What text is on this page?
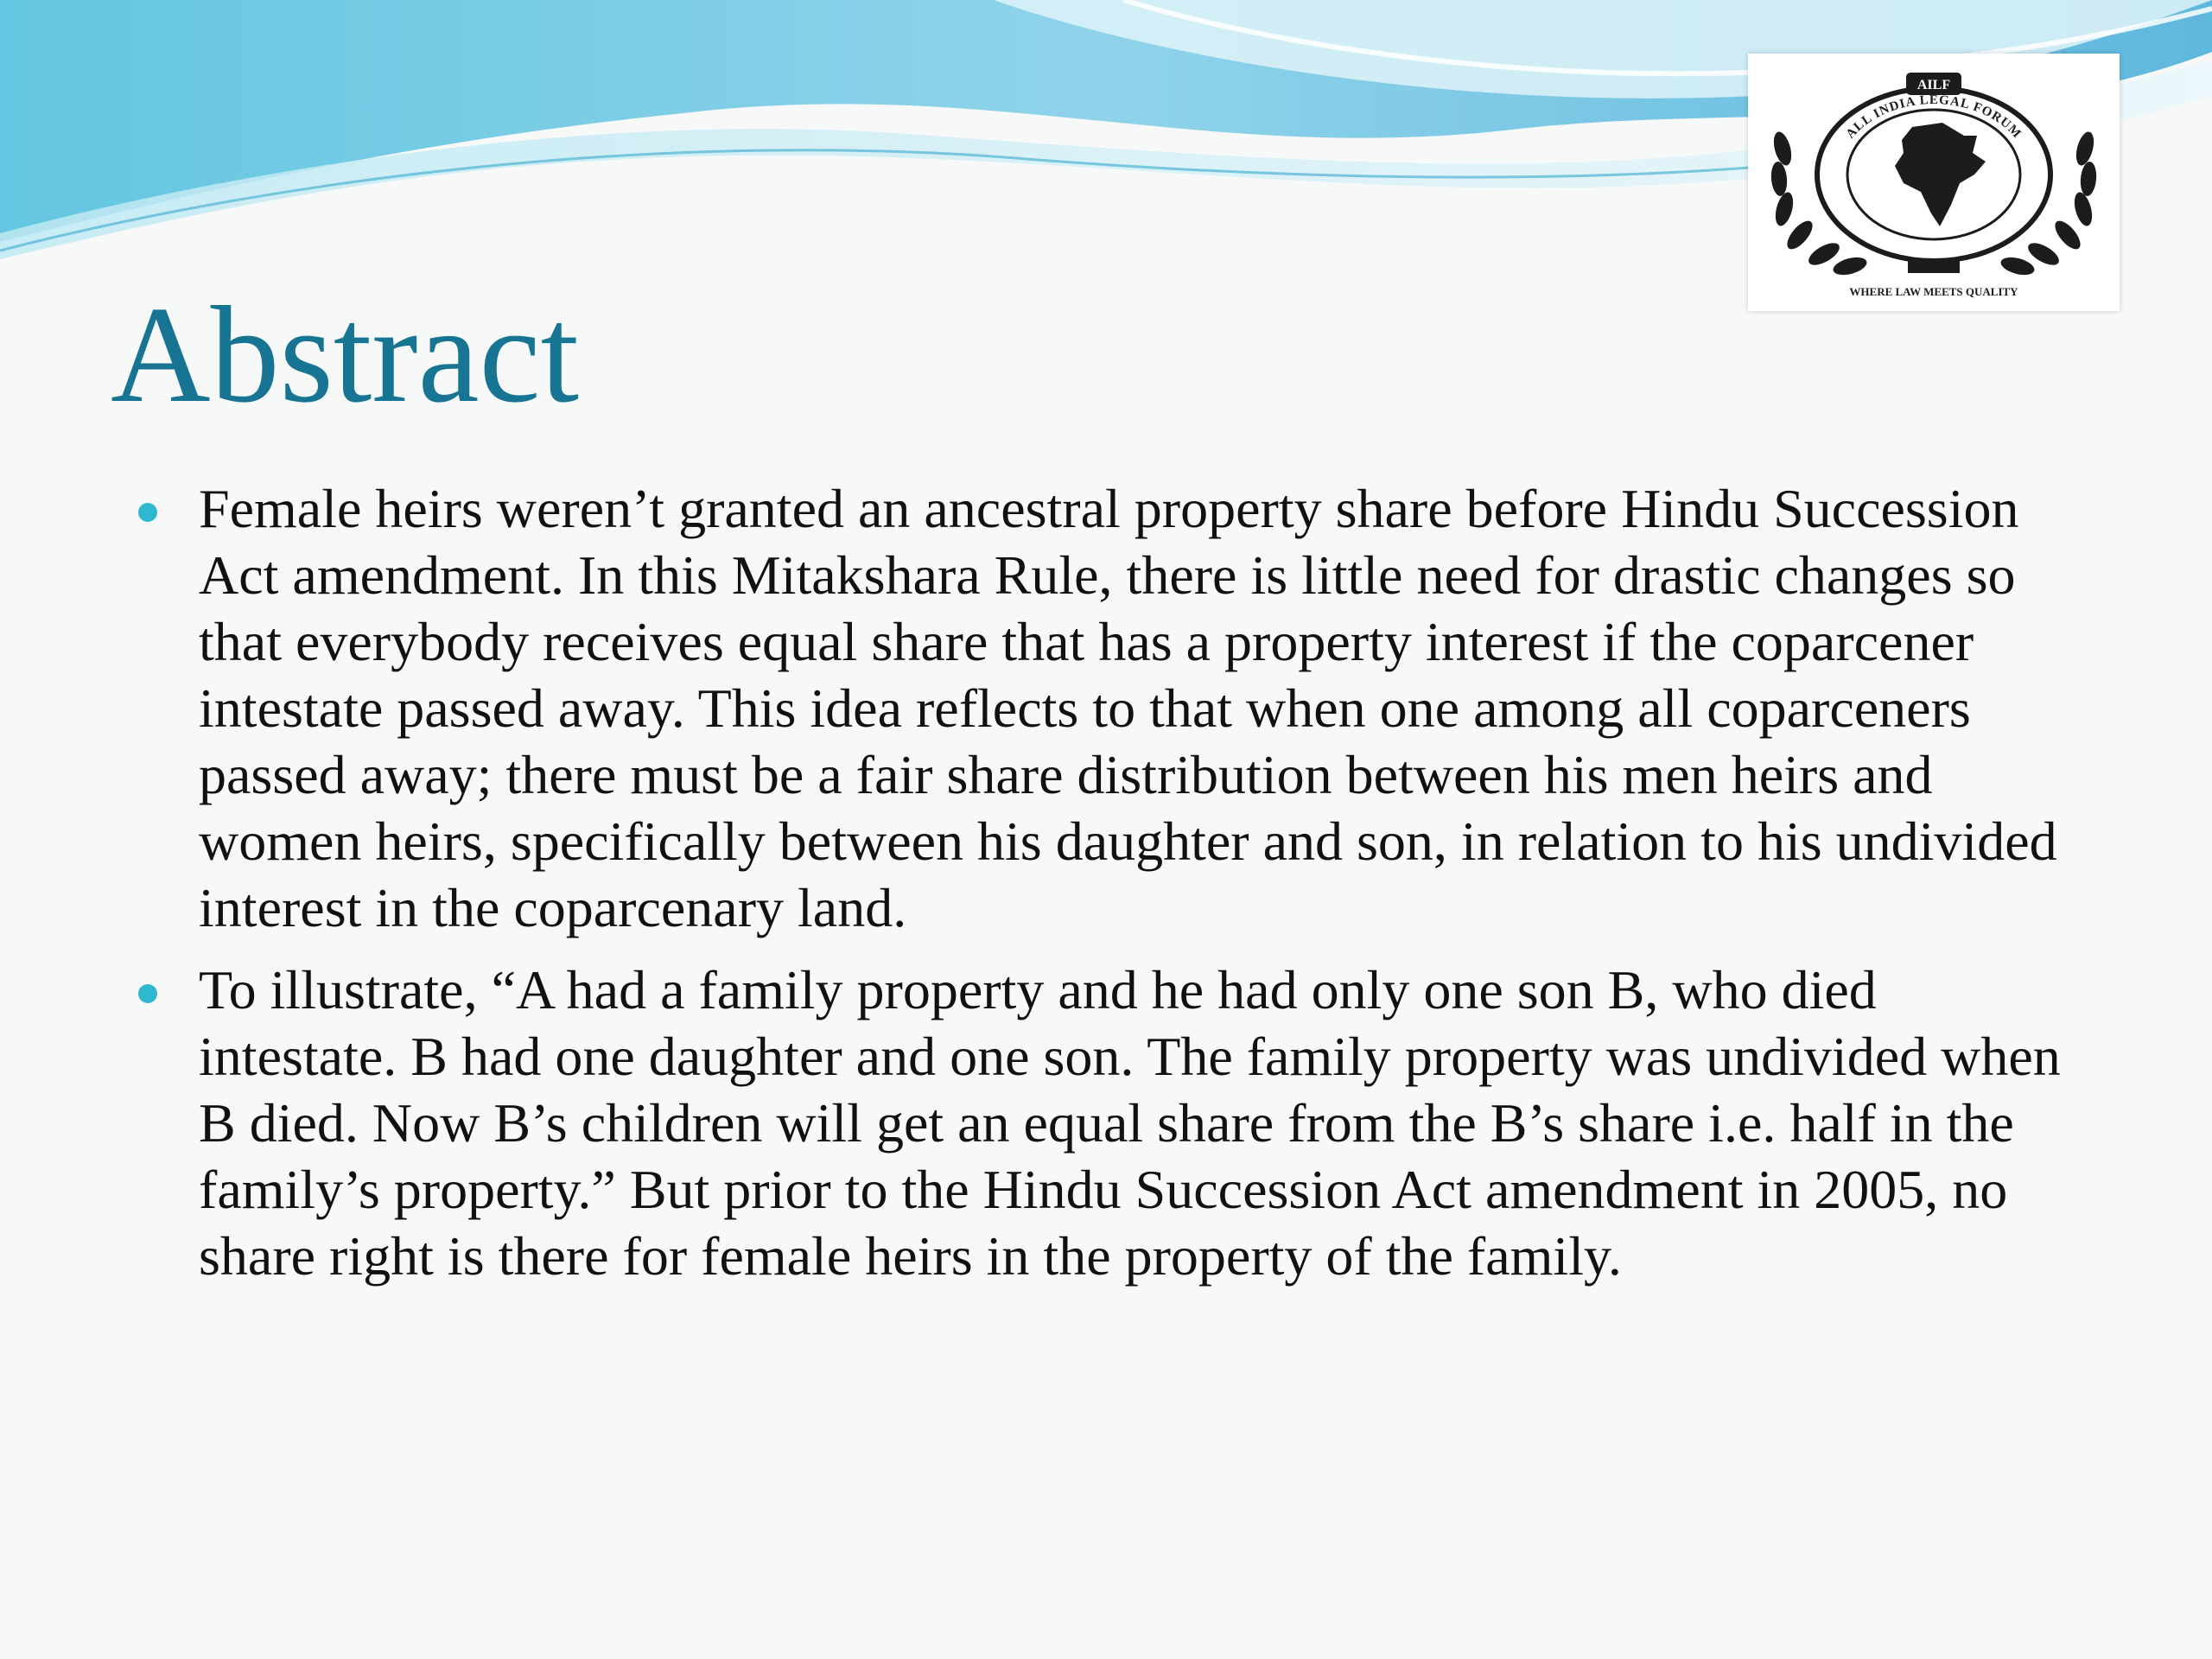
AILF
ALL INDIA LEGAL FORUM
WHERE LAW MEETS QUALITY
Abstract
Female heirs weren’t granted an ancestral property share before Hindu Succession Act amendment. In this Mitakshara Rule, there is little need for drastic changes so that everybody receives equal share that has a property interest if the coparcener intestate passed away. This idea reflects to that when one among all coparceners passed away; there must be a fair share distribution between his men heirs and women heirs, specifically between his daughter and son, in relation to his undivided interest in the coparcenary land.
To illustrate, “A had a family property and he had only one son B, who died intestate. B had one daughter and one son. The family property was undivided when B died. Now B’s children will get an equal share from the B’s share i.e. half in the family’s property.” But prior to the Hindu Succession Act amendment in 2005, no share right is there for female heirs in the property of the family.
